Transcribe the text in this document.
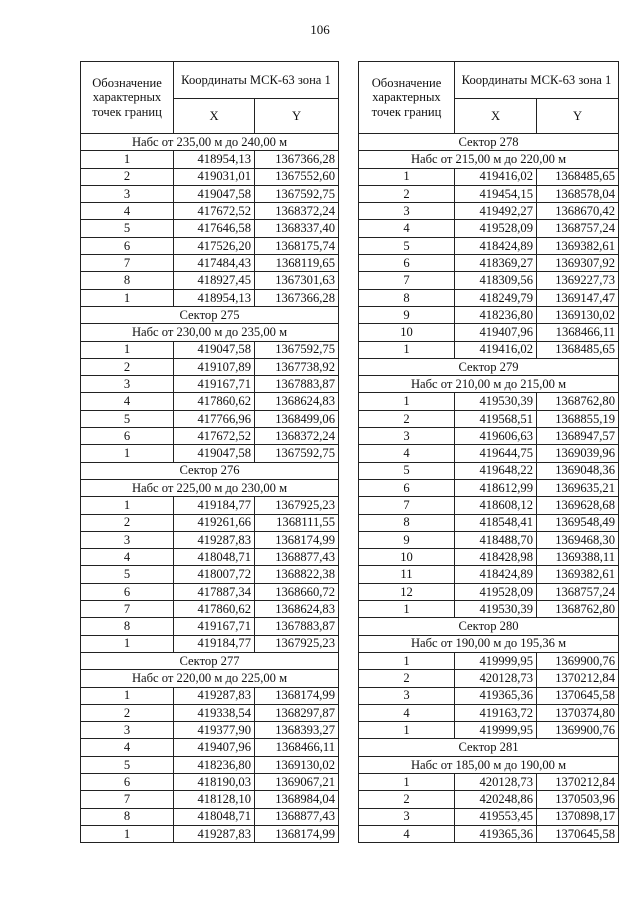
106
Обозначение характерных точек границ	Координаты МСК-63 зона 1	
	X	Y
Набс от 235,00 м до 240,00 м		
1	418954,13	1367366,28
2	419031,01	1367552,60
3	419047,58	1367592,75
4	417672,52	1368372,24
5	417646,58	1368337,40
6	417526,20	1368175,74
7	417484,43	1368119,65
8	418927,45	1367301,63
1	418954,13	1367366,28
Сектор 275		
Набс от 230,00 м до 235,00 м		
1	419047,58	1367592,75
2	419107,89	1367738,92
3	419167,71	1367883,87
4	417860,62	1368624,83
5	417766,96	1368499,06
6	417672,52	1368372,24
1	419047,58	1367592,75
Сектор 276		
Набс от 225,00 м до 230,00 м		
1	419184,77	1367925,23
2	419261,66	1368111,55
3	419287,83	1368174,99
4	418048,71	1368877,43
5	418007,72	1368822,38
6	417887,34	1368660,72
7	417860,62	1368624,83
8	419167,71	1367883,87
1	419184,77	1367925,23
Сектор 277		
Набс от 220,00 м до 225,00 м		
1	419287,83	1368174,99
2	419338,54	1368297,87
3	419377,90	1368393,27
4	419407,96	1368466,11
5	418236,80	1369130,02
6	418190,03	1369067,21
7	418128,10	1368984,04
8	418048,71	1368877,43
1	419287,83	1368174,99
Обозначение характерных точек границ	Координаты МСК-63 зона 1	
	X	Y
Сектор 278		
Набс от 215,00 м до 220,00 м		
1	419416,02	1368485,65
2	419454,15	1368578,04
3	419492,27	1368670,42
4	419528,09	1368757,24
5	418424,89	1369382,61
6	418369,27	1369307,92
7	418309,56	1369227,73
8	418249,79	1369147,47
9	418236,80	1369130,02
10	419407,96	1368466,11
1	419416,02	1368485,65
Сектор 279		
Набс от 210,00 м до 215,00 м		
1	419530,39	1368762,80
2	419568,51	1368855,19
3	419606,63	1368947,57
4	419644,75	1369039,96
5	419648,22	1369048,36
6	418612,99	1369635,21
7	418608,12	1369628,68
8	418548,41	1369548,49
9	418488,70	1369468,30
10	418428,98	1369388,11
11	418424,89	1369382,61
12	419528,09	1368757,24
1	419530,39	1368762,80
Сектор 280		
Набс от 190,00 м до 195,36 м		
1	419999,95	1369900,76
2	420128,73	1370212,84
3	419365,36	1370645,58
4	419163,72	1370374,80
1	419999,95	1369900,76
Сектор 281		
Набс от 185,00 м до 190,00 м		
1	420128,73	1370212,84
2	420248,86	1370503,96
3	419553,45	1370898,17
4	419365,36	1370645,58
